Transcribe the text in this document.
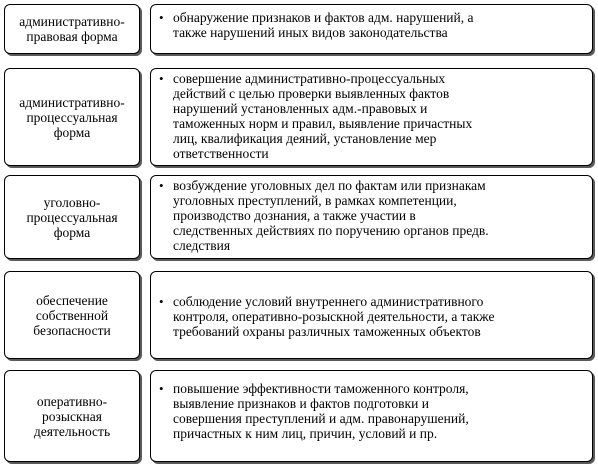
административно-
правовая форма
• обнаружение признаков и фактов адм. нарушений, а
также нарушений иных видов законодательства
административно-
процессуальная
форма
• совершение административно-процессуальных
действий с целью проверки выявленных фактов
нарушений установленных адм.-правовых и
таможенных норм и правил, выявление причастных
лиц, квалификация деяний, установление мер
ответственности
уголовно-
процессуальная
форма
• возбуждение уголовных дел по фактам или признакам
уголовных преступлений, в рамках компетенции,
производство дознания, а также участии в
следственных действиях по поручению органов предв.
следствия
обеспечение
собственной
безопасности
• соблюдение условий внутреннего административного
контроля, оперативно-розыскной деятельности, а также
требований охраны различных таможенных объектов
оперативно-
розыскная
деятельность
• повышение эффективности таможенного контроля,
выявление признаков и фактов подготовки и
совершения преступлений и адм. правонарушений,
причастных к ним лиц, причин, условий и пр.
